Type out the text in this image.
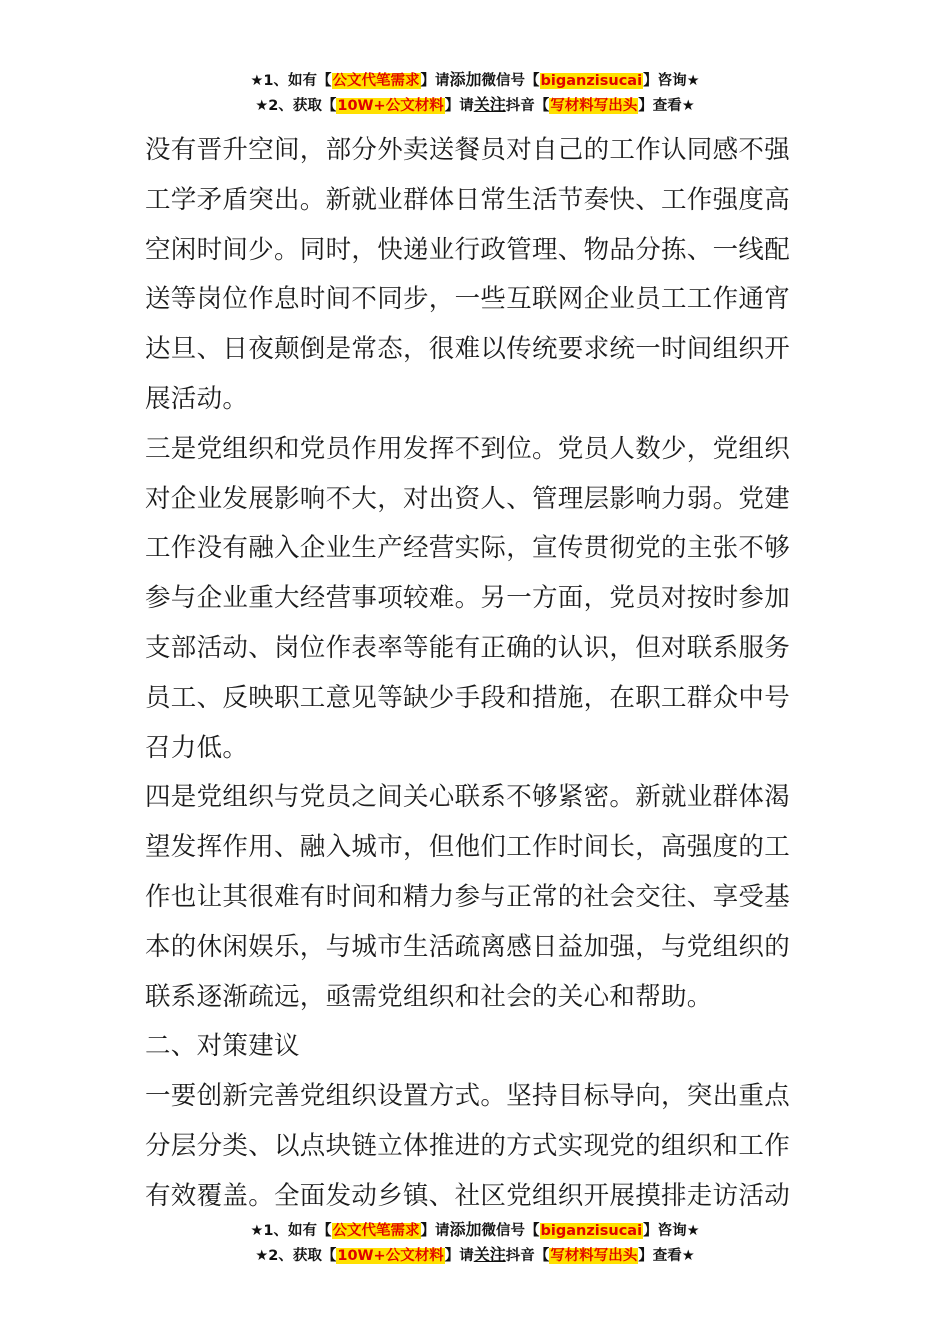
★1、如有【公文代笔需求】请添加微信号【biganzisucai】咨询★
★2、获取【10W+公文材料】请关注抖音【写材料写出头】查看★
没有晋升空间，部分外卖送餐员对自己的工作认同感不强
工学矛盾突出。新就业群体日常生活节奏快、工作强度高
空闲时间少。同时，快递业行政管理、物品分拣、一线配
送等岗位作息时间不同步，一些互联网企业员工工作通宵
达旦、日夜颠倒是常态，很难以传统要求统一时间组织开
展活动。
三是党组织和党员作用发挥不到位。党员人数少，党组织
对企业发展影响不大，对出资人、管理层影响力弱。党建
工作没有融入企业生产经营实际，宣传贯彻党的主张不够
参与企业重大经营事项较难。另一方面，党员对按时参加
支部活动、岗位作表率等能有正确的认识，但对联系服务
员工、反映职工意见等缺少手段和措施，在职工群众中号
召力低。
四是党组织与党员之间关心联系不够紧密。新就业群体渴
望发挥作用、融入城市，但他们工作时间长，高强度的工
作也让其很难有时间和精力参与正常的社会交往、享受基
本的休闲娱乐，与城市生活疏离感日益加强，与党组织的
联系逐渐疏远，亟需党组织和社会的关心和帮助。
二、对策建议
一要创新完善党组织设置方式。坚持目标导向，突出重点
分层分类、以点块链立体推进的方式实现党的组织和工作
有效覆盖。全面发动乡镇、社区党组织开展摸排走访活动
★1、如有【公文代笔需求】请添加微信号【biganzisucai】咨询★
★2、获取【10W+公文材料】请关注抖音【写材料写出头】查看★
